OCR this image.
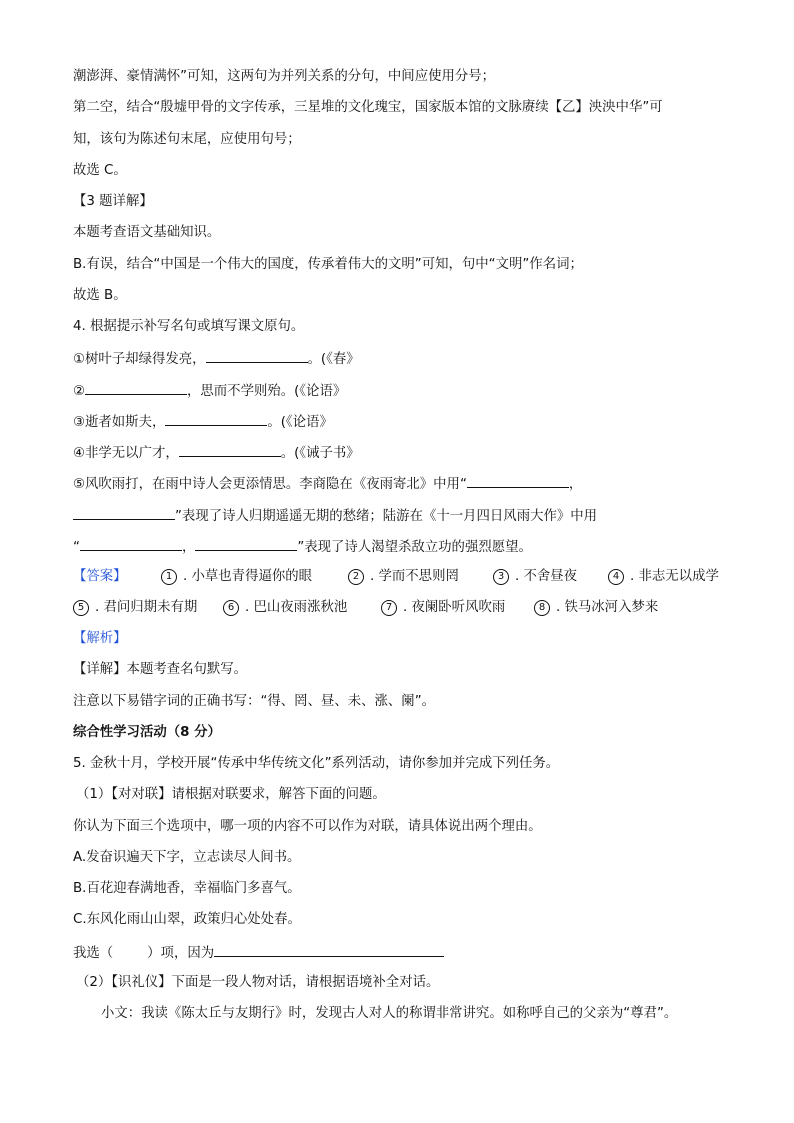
潮澎湃、豪情满怀”可知，这两句为并列关系的分句，中间应使用分号；
第二空，结合“殷墟甲骨的文字传承，三星堆的文化瑰宝，国家版本馆的文脉赓续【乙】泱泱中华”可
知，该句为陈述句末尾，应使用句号；
故选 C。
【3 题详解】
本题考查语文基础知识。
B.有误，结合“中国是一个伟大的国度，传承着伟大的文明”可知，句中“文明”作名词；
故选 B。
4. 根据提示补写名句或填写课文原句。
①树叶子却绿得发亮，	。(《春》
②	，思而不学则殆。(《论语》
③逝者如斯夫，	。(《论语》
④非学无以广才，	。(《诫子书》
⑤风吹雨打，在雨中诗人会更添情思。李商隐在《夜雨寄北》中用“	，
”表现了诗人归期遥遥无期的愁绪；陆游在《十一月四日风雨大作》中用
“	，	”表现了诗人渴望杀敌立功的强烈愿望。
【答案】	1 . 小草也青得逼你的眼	2 . 学而不思则罔	3 . 不舍昼夜	4 . 非志无以成学
5 . 君问归期未有期	6 . 巴山夜雨涨秋池	7 . 夜阑卧听风吹雨	8 . 铁马冰河入梦来
【解析】
【详解】本题考查名句默写。
注意以下易错字词的正确书写：“得、罔、昼、未、涨、阑”。
综合性学习活动（8 分）
5. 金秋十月，学校开展“传承中华传统文化”系列活动，请你参加并完成下列任务。
（1）【对对联】请根据对联要求，解答下面的问题。
你认为下面三个选项中，哪一项的内容不可以作为对联，请具体说出两个理由。
A.发奋识遍天下字，立志读尽人间书。
B.百花迎春满地香，幸福临门多喜气。
C.东风化雨山山翠，政策归心处处春。
我选（	）项，因为
（2）【识礼仪】下面是一段人物对话，请根据语境补全对话。
小文：我读《陈太丘与友期行》时，发现古人对人的称谓非常讲究。如称呼自己的父亲为“尊君”。
